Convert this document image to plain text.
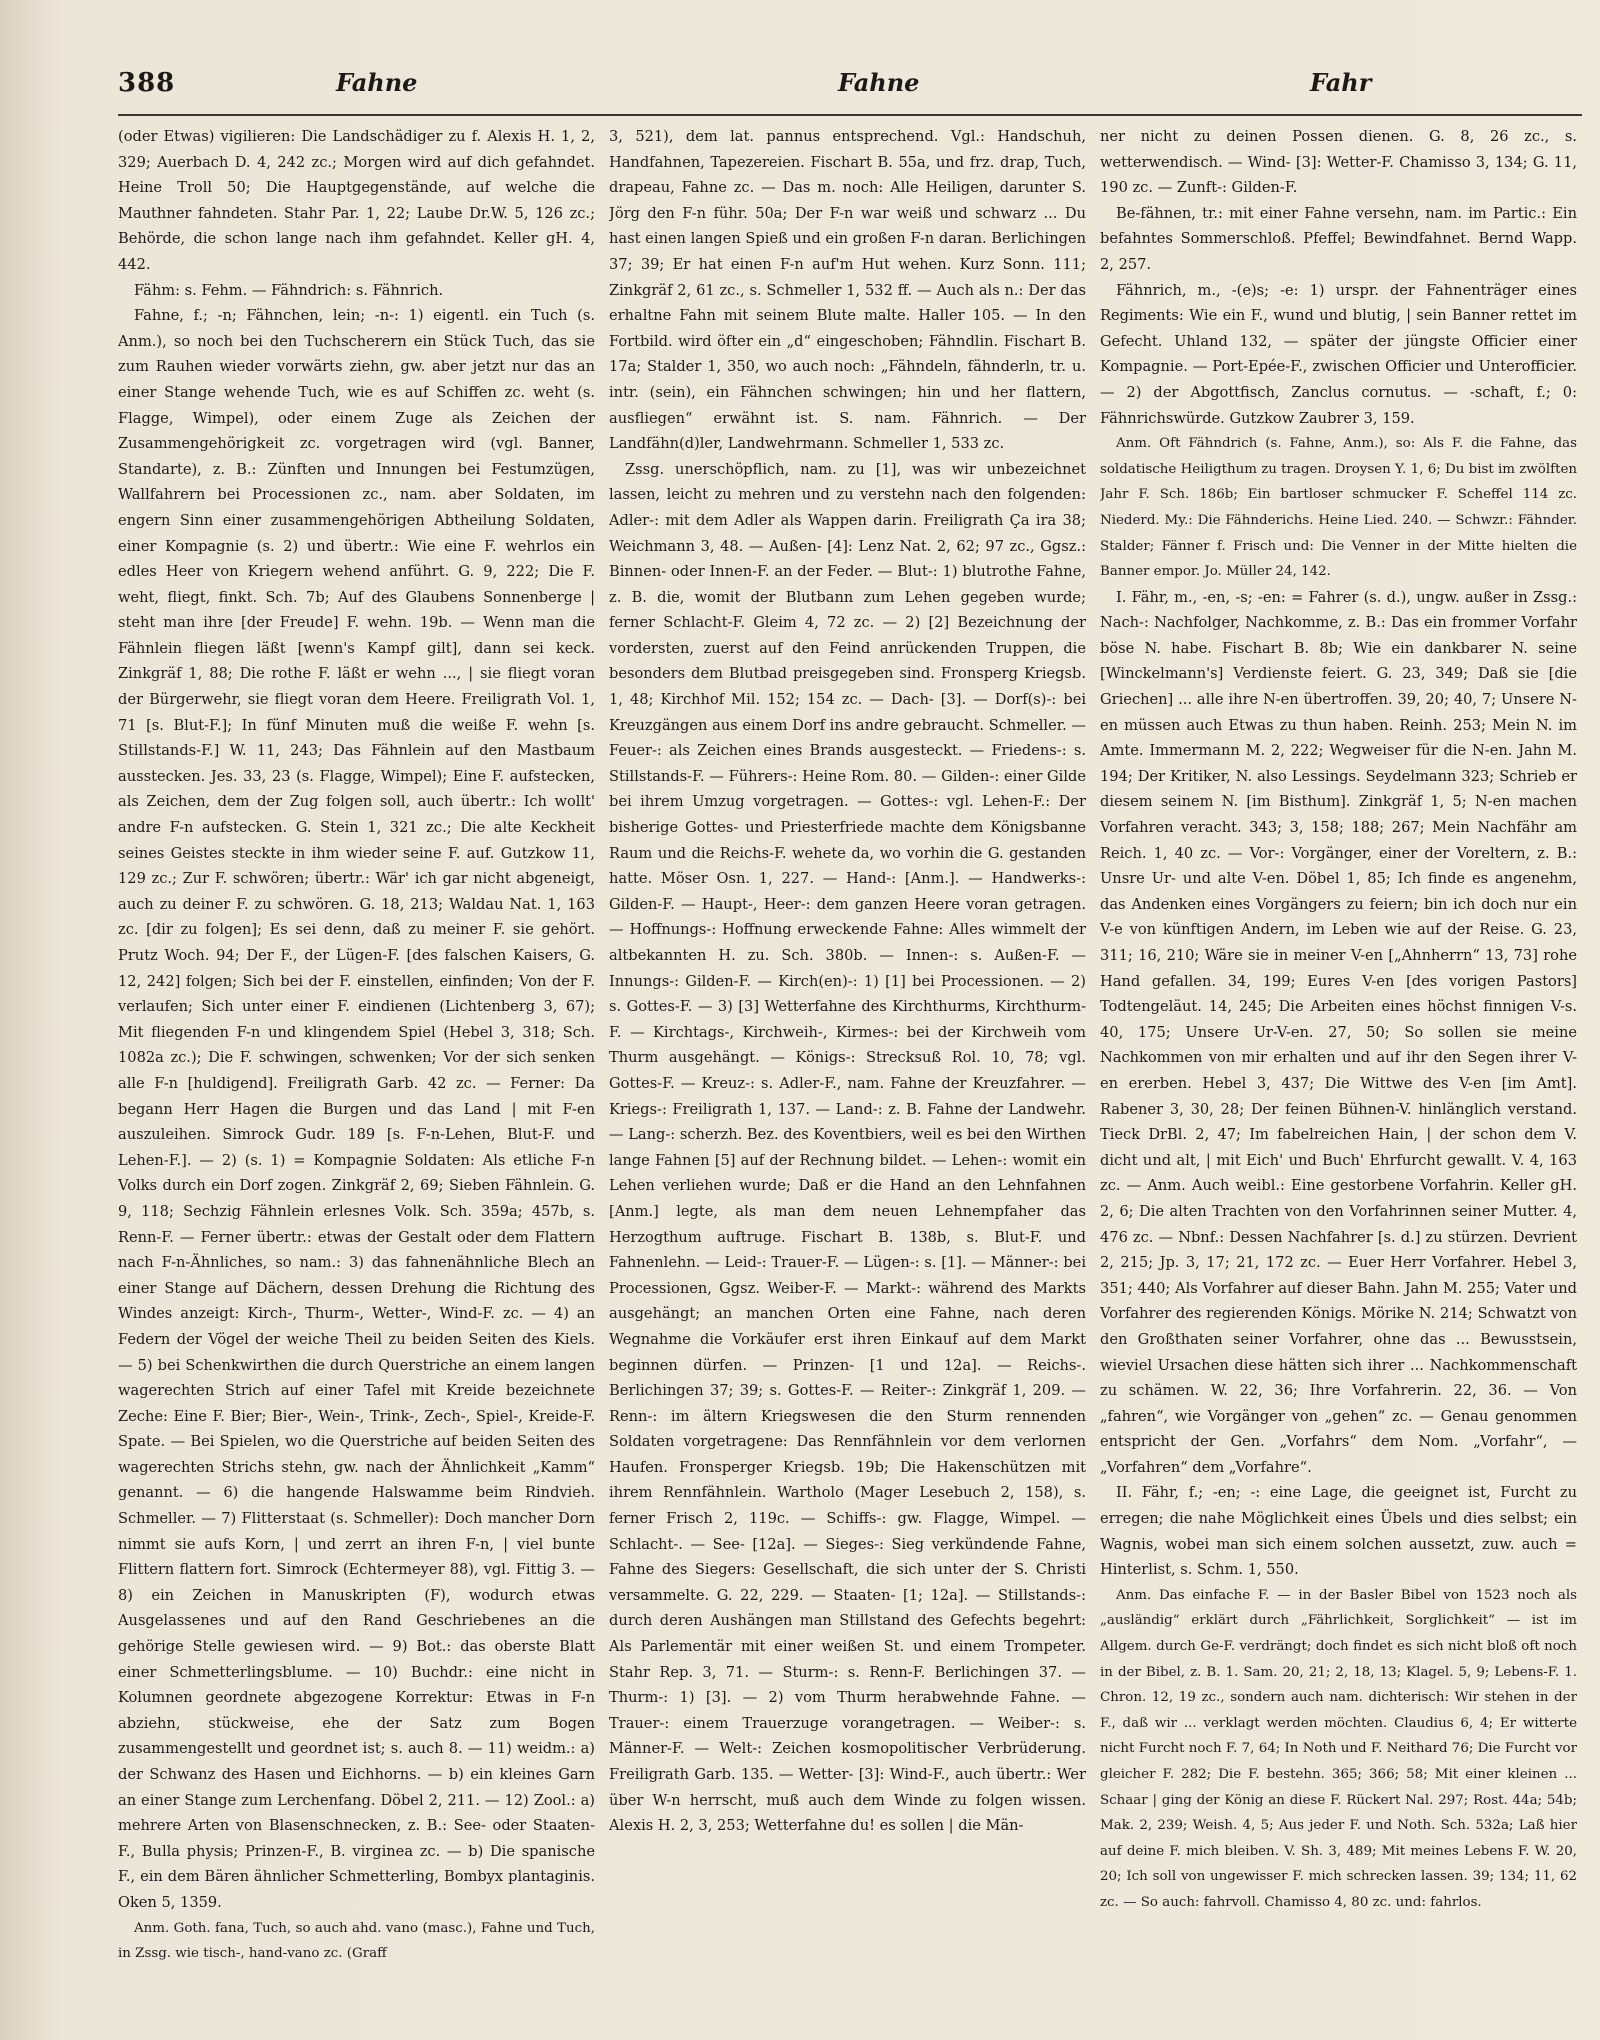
388	Fahne	Fahne	Fahr

(oder Etwas) vigilieren: Die Landschädiger zu f. Alexis H. 1, 2, 329; Auerbach D. 4, 242 zc.; Morgen wird auf dich gefahndet. Heine Troll 50; Die Hauptgegenstände, auf welche die Mauthner fahndeten. Stahr Par. 1, 22; Laube Dr.W. 5, 126 zc.; Behörde, die schon lange nach ihm gefahndet. Keller gH. 4, 442.

Fähm: s. Fehm. — Fähndrich: s. Fähnrich.

Fahne, f.; -n; Fähnchen, lein; -n-: 1) eigentl. ein Tuch (s. Anm.), so noch bei den Tuchscherern ein Stück Tuch, das sie zum Rauhen wieder vorwärts ziehn, gw. aber jetzt nur das an einer Stange wehende Tuch, wie es auf Schiffen zc. weht (s. Flagge, Wimpel), oder einem Zuge als Zeichen der Zusammengehörigkeit zc. vorgetragen wird (vgl. Banner, Standarte), z. B.: Zünften und Innungen bei Festumzügen, Wallfahrern bei Processionen zc., nam. aber Soldaten, im engern Sinn einer zusammengehörigen Abtheilung Soldaten, einer Kompagnie (s. 2) und übertr.: Wie eine F. wehrlos ein edles Heer von Kriegern wehend anführt. G. 9, 222; Die F. weht, fliegt, finkt. Sch. 7b; Auf des Glaubens Sonnenberge | steht man ihre [der Freude] F. wehn. 19b. — Wenn man die Fähnlein fliegen läßt [wenn's Kampf gilt], dann sei keck. Zinkgräf 1, 88; Die rothe F. läßt er wehn ..., | sie fliegt voran der Bürgerwehr, sie fliegt voran dem Heere. Freiligrath Vol. 1, 71 [s. Blut-F.]; In fünf Minuten muß die weiße F. wehn [s. Stillstands-F.] W. 11, 243; Das Fähnlein auf den Mastbaum ausstecken. Jes. 33, 23 (s. Flagge, Wimpel); Eine F. aufstecken, als Zeichen, dem der Zug folgen soll, auch übertr.: Ich wollt' andre F-n aufstecken. G. Stein 1, 321 zc.; Die alte Keckheit seines Geistes steckte in ihm wieder seine F. auf. Gutzkow 11, 129 zc.; Zur F. schwören; übertr.: Wär' ich gar nicht abgeneigt, auch zu deiner F. zu schwören. G. 18, 213; Waldau Nat. 1, 163 zc. [dir zu folgen]; Es sei denn, daß zu meiner F. sie gehört. Prutz Woch. 94; Der F., der Lügen-F. [des falschen Kaisers, G. 12, 242] folgen; Sich bei der F. einstellen, einfinden; Von der F. verlaufen; Sich unter einer F. eindienen (Lichtenberg 3, 67); Mit fliegenden F-n und klingendem Spiel (Hebel 3, 318; Sch. 1082a zc.); Die F. schwingen, schwenken; Vor der sich senken alle F-n [huldigend]. Freiligrath Garb. 42 zc. — Ferner: Da begann Herr Hagen die Burgen und das Land | mit F-en auszuleihen. Simrock Gudr. 189 [s. F-n-Lehen, Blut-F. und Lehen-F.]. — 2) (s. 1) = Kompagnie Soldaten: Als etliche F-n Volks durch ein Dorf zogen. Zinkgräf 2, 69; Sieben Fähnlein. G. 9, 118; Sechzig Fähnlein erlesnes Volk. Sch. 359a; 457b, s. Renn-F. — Ferner übertr.: etwas der Gestalt oder dem Flattern nach F-n-Ähnliches, so nam.: 3) das fahnenähnliche Blech an einer Stange auf Dächern, dessen Drehung die Richtung des Windes anzeigt: Kirch-, Thurm-, Wetter-, Wind-F. zc. — 4) an Federn der Vögel der weiche Theil zu beiden Seiten des Kiels. — 5) bei Schenkwirthen die durch Querstriche an einem langen wagerechten Strich auf einer Tafel mit Kreide bezeichnete Zeche: Eine F. Bier; Bier-, Wein-, Trink-, Zech-, Spiel-, Kreide-F. Spate. — Bei Spielen, wo die Querstriche auf beiden Seiten des wagerechten Strichs stehn, gw. nach der Ähnlichkeit „Kamm“ genannt. — 6) die hangende Halswamme beim Rindvieh. Schmeller. — 7) Flitterstaat (s. Schmeller): Doch mancher Dorn nimmt sie aufs Korn, | und zerrt an ihren F-n, | viel bunte Flittern flattern fort. Simrock (Echtermeyer 88), vgl. Fittig 3. — 8) ein Zeichen in Manuskripten (F), wodurch etwas Ausgelassenes und auf den Rand Geschriebenes an die gehörige Stelle gewiesen wird. — 9) Bot.: das oberste Blatt einer Schmetterlingsblume. — 10) Buchdr.: eine nicht in Kolumnen geordnete abgezogene Korrektur: Etwas in F-n abziehn, stückweise, ehe der Satz zum Bogen zusammengestellt und geordnet ist; s. auch 8. — 11) weidm.: a) der Schwanz des Hasen und Eichhorns. — b) ein kleines Garn an einer Stange zum Lerchenfang. Döbel 2, 211. — 12) Zool.: a) mehrere Arten von Blasenschnecken, z. B.: See- oder Staaten-F., Bulla physis; Prinzen-F., B. virginea zc. — b) Die spanische F., ein dem Bären ähnlicher Schmetterling, Bombyx plantaginis. Oken 5, 1359.

Anm. Goth. fana, Tuch, so auch ahd. vano (masc.), Fahne und Tuch, in Zssg. wie tisch-, hand-vano zc. (Graff

3, 521), dem lat. pannus entsprechend. Vgl.: Handschuh, Handfahnen, Tapezereien. Fischart B. 55a, und frz. drap, Tuch, drapeau, Fahne zc. — Das m. noch: Alle Heiligen, darunter S. Jörg den F-n führ. 50a; Der F-n war weiß und schwarz ... Du hast einen langen Spieß und ein großen F-n daran. Berlichingen 37; 39; Er hat einen F-n auf'm Hut wehen. Kurz Sonn. 111; Zinkgräf 2, 61 zc., s. Schmeller 1, 532 ff. — Auch als n.: Der das erhaltne Fahn mit seinem Blute malte. Haller 105. — In den Fortbild. wird öfter ein „d“ eingeschoben; Fähndlin. Fischart B. 17a; Stalder 1, 350, wo auch noch: „Fähndeln, fähnderln, tr. u. intr. (sein), ein Fähnchen schwingen; hin und her flattern, ausfliegen“ erwähnt ist. S. nam. Fähnrich. — Der Landfähn(d)ler, Landwehrmann. Schmeller 1, 533 zc.

Zssg. unerschöpflich, nam. zu [1], was wir unbezeichnet lassen, leicht zu mehren und zu verstehn nach den folgenden: Adler-: mit dem Adler als Wappen darin. Freiligrath Ça ira 38; Weichmann 3, 48. — Außen- [4]: Lenz Nat. 2, 62; 97 zc., Ggsz.: Binnen- oder Innen-F. an der Feder. — Blut-: 1) blutrothe Fahne, z. B. die, womit der Blutbann zum Lehen gegeben wurde; ferner Schlacht-F. Gleim 4, 72 zc. — 2) [2] Bezeichnung der vordersten, zuerst auf den Feind anrückenden Truppen, die besonders dem Blutbad preisgegeben sind. Fronsperg Kriegsb. 1, 48; Kirchhof Mil. 152; 154 zc. — Dach- [3]. — Dorf(s)-: bei Kreuzgängen aus einem Dorf ins andre gebraucht. Schmeller. — Feuer-: als Zeichen eines Brands ausgesteckt. — Friedens-: s. Stillstands-F. — Führers-: Heine Rom. 80. — Gilden-: einer Gilde bei ihrem Umzug vorgetragen. — Gottes-: vgl. Lehen-F.: Der bisherige Gottes- und Priesterfriede machte dem Königsbanne Raum und die Reichs-F. wehete da, wo vorhin die G. gestanden hatte. Möser Osn. 1, 227. — Hand-: [Anm.]. — Handwerks-: Gilden-F. — Haupt-, Heer-: dem ganzen Heere voran getragen. — Hoffnungs-: Hoffnung erweckende Fahne: Alles wimmelt der altbekannten H. zu. Sch. 380b. — Innen-: s. Außen-F. — Innungs-: Gilden-F. — Kirch(en)-: 1) [1] bei Processionen. — 2) s. Gottes-F. — 3) [3] Wetterfahne des Kirchthurms, Kirchthurm-F. — Kirchtags-, Kirchweih-, Kirmes-: bei der Kirchweih vom Thurm ausgehängt. — Königs-: Strecksuß Rol. 10, 78; vgl. Gottes-F. — Kreuz-: s. Adler-F., nam. Fahne der Kreuzfahrer. — Kriegs-: Freiligrath 1, 137. — Land-: z. B. Fahne der Landwehr. — Lang-: scherzh. Bez. des Koventbiers, weil es bei den Wirthen lange Fahnen [5] auf der Rechnung bildet. — Lehen-: womit ein Lehen verliehen wurde; Daß er die Hand an den Lehnfahnen [Anm.] legte, als man dem neuen Lehnempfaher das Herzogthum auftruge. Fischart B. 138b, s. Blut-F. und Fahnenlehn. — Leid-: Trauer-F. — Lügen-: s. [1]. — Männer-: bei Processionen, Ggsz. Weiber-F. — Markt-: während des Markts ausgehängt; an manchen Orten eine Fahne, nach deren Wegnahme die Vorkäufer erst ihren Einkauf auf dem Markt beginnen dürfen. — Prinzen- [1 und 12a]. — Reichs-. Berlichingen 37; 39; s. Gottes-F. — Reiter-: Zinkgräf 1, 209. — Renn-: im ältern Kriegswesen die den Sturm rennenden Soldaten vorgetragene: Das Rennfähnlein vor dem verlornen Haufen. Fronsperger Kriegsb. 19b; Die Hakenschützen mit ihrem Rennfähnlein. Wartholo (Mager Lesebuch 2, 158), s. ferner Frisch 2, 119c. — Schiffs-: gw. Flagge, Wimpel. — Schlacht-. — See- [12a]. — Sieges-: Sieg verkündende Fahne, Fahne des Siegers: Gesellschaft, die sich unter der S. Christi versammelte. G. 22, 229. — Staaten- [1; 12a]. — Stillstands-: durch deren Aushängen man Stillstand des Gefechts begehrt: Als Parlementär mit einer weißen St. und einem Trompeter. Stahr Rep. 3, 71. — Sturm-: s. Renn-F. Berlichingen 37. — Thurm-: 1) [3]. — 2) vom Thurm herabwehnde Fahne. — Trauer-: einem Trauerzuge vorangetragen. — Weiber-: s. Männer-F. — Welt-: Zeichen kosmopolitischer Verbrüderung. Freiligrath Garb. 135. — Wetter- [3]: Wind-F., auch übertr.: Wer über W-n herrscht, muß auch dem Winde zu folgen wissen. Alexis H. 2, 3, 253; Wetterfahne du! es sollen | die Män-

ner nicht zu deinen Possen dienen. G. 8, 26 zc., s. wetterwendisch. — Wind- [3]: Wetter-F. Chamisso 3, 134; G. 11, 190 zc. — Zunft-: Gilden-F.

Be-fähnen, tr.: mit einer Fahne versehn, nam. im Partic.: Ein befahntes Sommerschloß. Pfeffel; Bewindfahnet. Bernd Wapp. 2, 257.

Fähnrich, m., -(e)s; -e: 1) urspr. der Fahnenträger eines Regiments: Wie ein F., wund und blutig, | sein Banner rettet im Gefecht. Uhland 132, — später der jüngste Officier einer Kompagnie. — Port-Epée-F., zwischen Officier und Unterofficier. — 2) der Abgottfisch, Zanclus cornutus. — -schaft, f.; 0: Fähnrichswürde. Gutzkow Zaubrer 3, 159.

Anm. Oft Fähndrich (s. Fahne, Anm.), so: Als F. die Fahne, das soldatische Heiligthum zu tragen. Droysen Y. 1, 6; Du bist im zwölften Jahr F. Sch. 186b; Ein bartloser schmucker F. Scheffel 114 zc. Niederd. My.: Die Fähnderichs. Heine Lied. 240. — Schwzr.: Fähnder. Stalder; Fänner f. Frisch und: Die Venner in der Mitte hielten die Banner empor. Jo. Müller 24, 142.

I. Fähr, m., -en, -s; -en: = Fahrer (s. d.), ungw. außer in Zssg.: Nach-: Nachfolger, Nachkomme, z. B.: Das ein frommer Vorfahr böse N. habe. Fischart B. 8b; Wie ein dankbarer N. seine [Winckelmann's] Verdienste feiert. G. 23, 349; Daß sie [die Griechen] ... alle ihre N-en übertroffen. 39, 20; 40, 7; Unsere N-en müssen auch Etwas zu thun haben. Reinh. 253; Mein N. im Amte. Immermann M. 2, 222; Wegweiser für die N-en. Jahn M. 194; Der Kritiker, N. also Lessings. Seydelmann 323; Schrieb er diesem seinem N. [im Bisthum]. Zinkgräf 1, 5; N-en machen Vorfahren veracht. 343; 3, 158; 188; 267; Mein Nachfähr am Reich. 1, 40 zc. — Vor-: Vorgänger, einer der Voreltern, z. B.: Unsre Ur- und alte V-en. Döbel 1, 85; Ich finde es angenehm, das Andenken eines Vorgängers zu feiern; bin ich doch nur ein V-e von künftigen Andern, im Leben wie auf der Reise. G. 23, 311; 16, 210; Wäre sie in meiner V-en [„Ahnherrn“ 13, 73] rohe Hand gefallen. 34, 199; Eures V-en [des vorigen Pastors] Todtengeläut. 14, 245; Die Arbeiten eines höchst finnigen V-s. 40, 175; Unsere Ur-V-en. 27, 50; So sollen sie meine Nachkommen von mir erhalten und auf ihr den Segen ihrer V-en ererben. Hebel 3, 437; Die Wittwe des V-en [im Amt]. Rabener 3, 30, 28; Der feinen Bühnen-V. hinlänglich verstand. Tieck DrBl. 2, 47; Im fabelreichen Hain, | der schon dem V. dicht und alt, | mit Eich' und Buch' Ehrfurcht gewallt. V. 4, 163 zc. — Anm. Auch weibl.: Eine gestorbene Vorfahrin. Keller gH. 2, 6; Die alten Trachten von den Vorfahrinnen seiner Mutter. 4, 476 zc. — Nbnf.: Dessen Nachfahrer [s. d.] zu stürzen. Devrient 2, 215; Jp. 3, 17; 21, 172 zc. — Euer Herr Vorfahrer. Hebel 3, 351; 440; Als Vorfahrer auf dieser Bahn. Jahn M. 255; Vater und Vorfahrer des regierenden Königs. Mörike N. 214; Schwatzt von den Großthaten seiner Vorfahrer, ohne das ... Bewusstsein, wieviel Ursachen diese hätten sich ihrer ... Nachkommenschaft zu schämen. W. 22, 36; Ihre Vorfahrerin. 22, 36. — Von „fahren“, wie Vorgänger von „gehen“ zc. — Genau genommen entspricht der Gen. „Vorfahrs“ dem Nom. „Vorfahr“, — „Vorfahren“ dem „Vorfahre“.

II. Fähr, f.; -en; -: eine Lage, die geeignet ist, Furcht zu erregen; die nahe Möglichkeit eines Übels und dies selbst; ein Wagnis, wobei man sich einem solchen aussetzt, zuw. auch = Hinterlist, s. Schm. 1, 550.

Anm. Das einfache F. — in der Basler Bibel von 1523 noch als „ausländig“ erklärt durch „Fährlichkeit, Sorglichkeit“ — ist im Allgem. durch Ge-F. verdrängt; doch findet es sich nicht bloß oft noch in der Bibel, z. B. 1. Sam. 20, 21; 2, 18, 13; Klagel. 5, 9; Lebens-F. 1. Chron. 12, 19 zc., sondern auch nam. dichterisch: Wir stehen in der F., daß wir ... verklagt werden möchten. Claudius 6, 4; Er witterte nicht Furcht noch F. 7, 64; In Noth und F. Neithard 76; Die Furcht vor gleicher F. 282; Die F. bestehn. 365; 366; 58; Mit einer kleinen ... Schaar | ging der König an diese F. Rückert Nal. 297; Rost. 44a; 54b; Mak. 2, 239; Weish. 4, 5; Aus jeder F. und Noth. Sch. 532a; Laß hier auf deine F. mich bleiben. V. Sh. 3, 489; Mit meines Lebens F. W. 20, 20; Ich soll von ungewisser F. mich schrecken lassen. 39; 134; 11, 62 zc. — So auch: fahrvoll. Chamisso 4, 80 zc. und: fahrlos.
